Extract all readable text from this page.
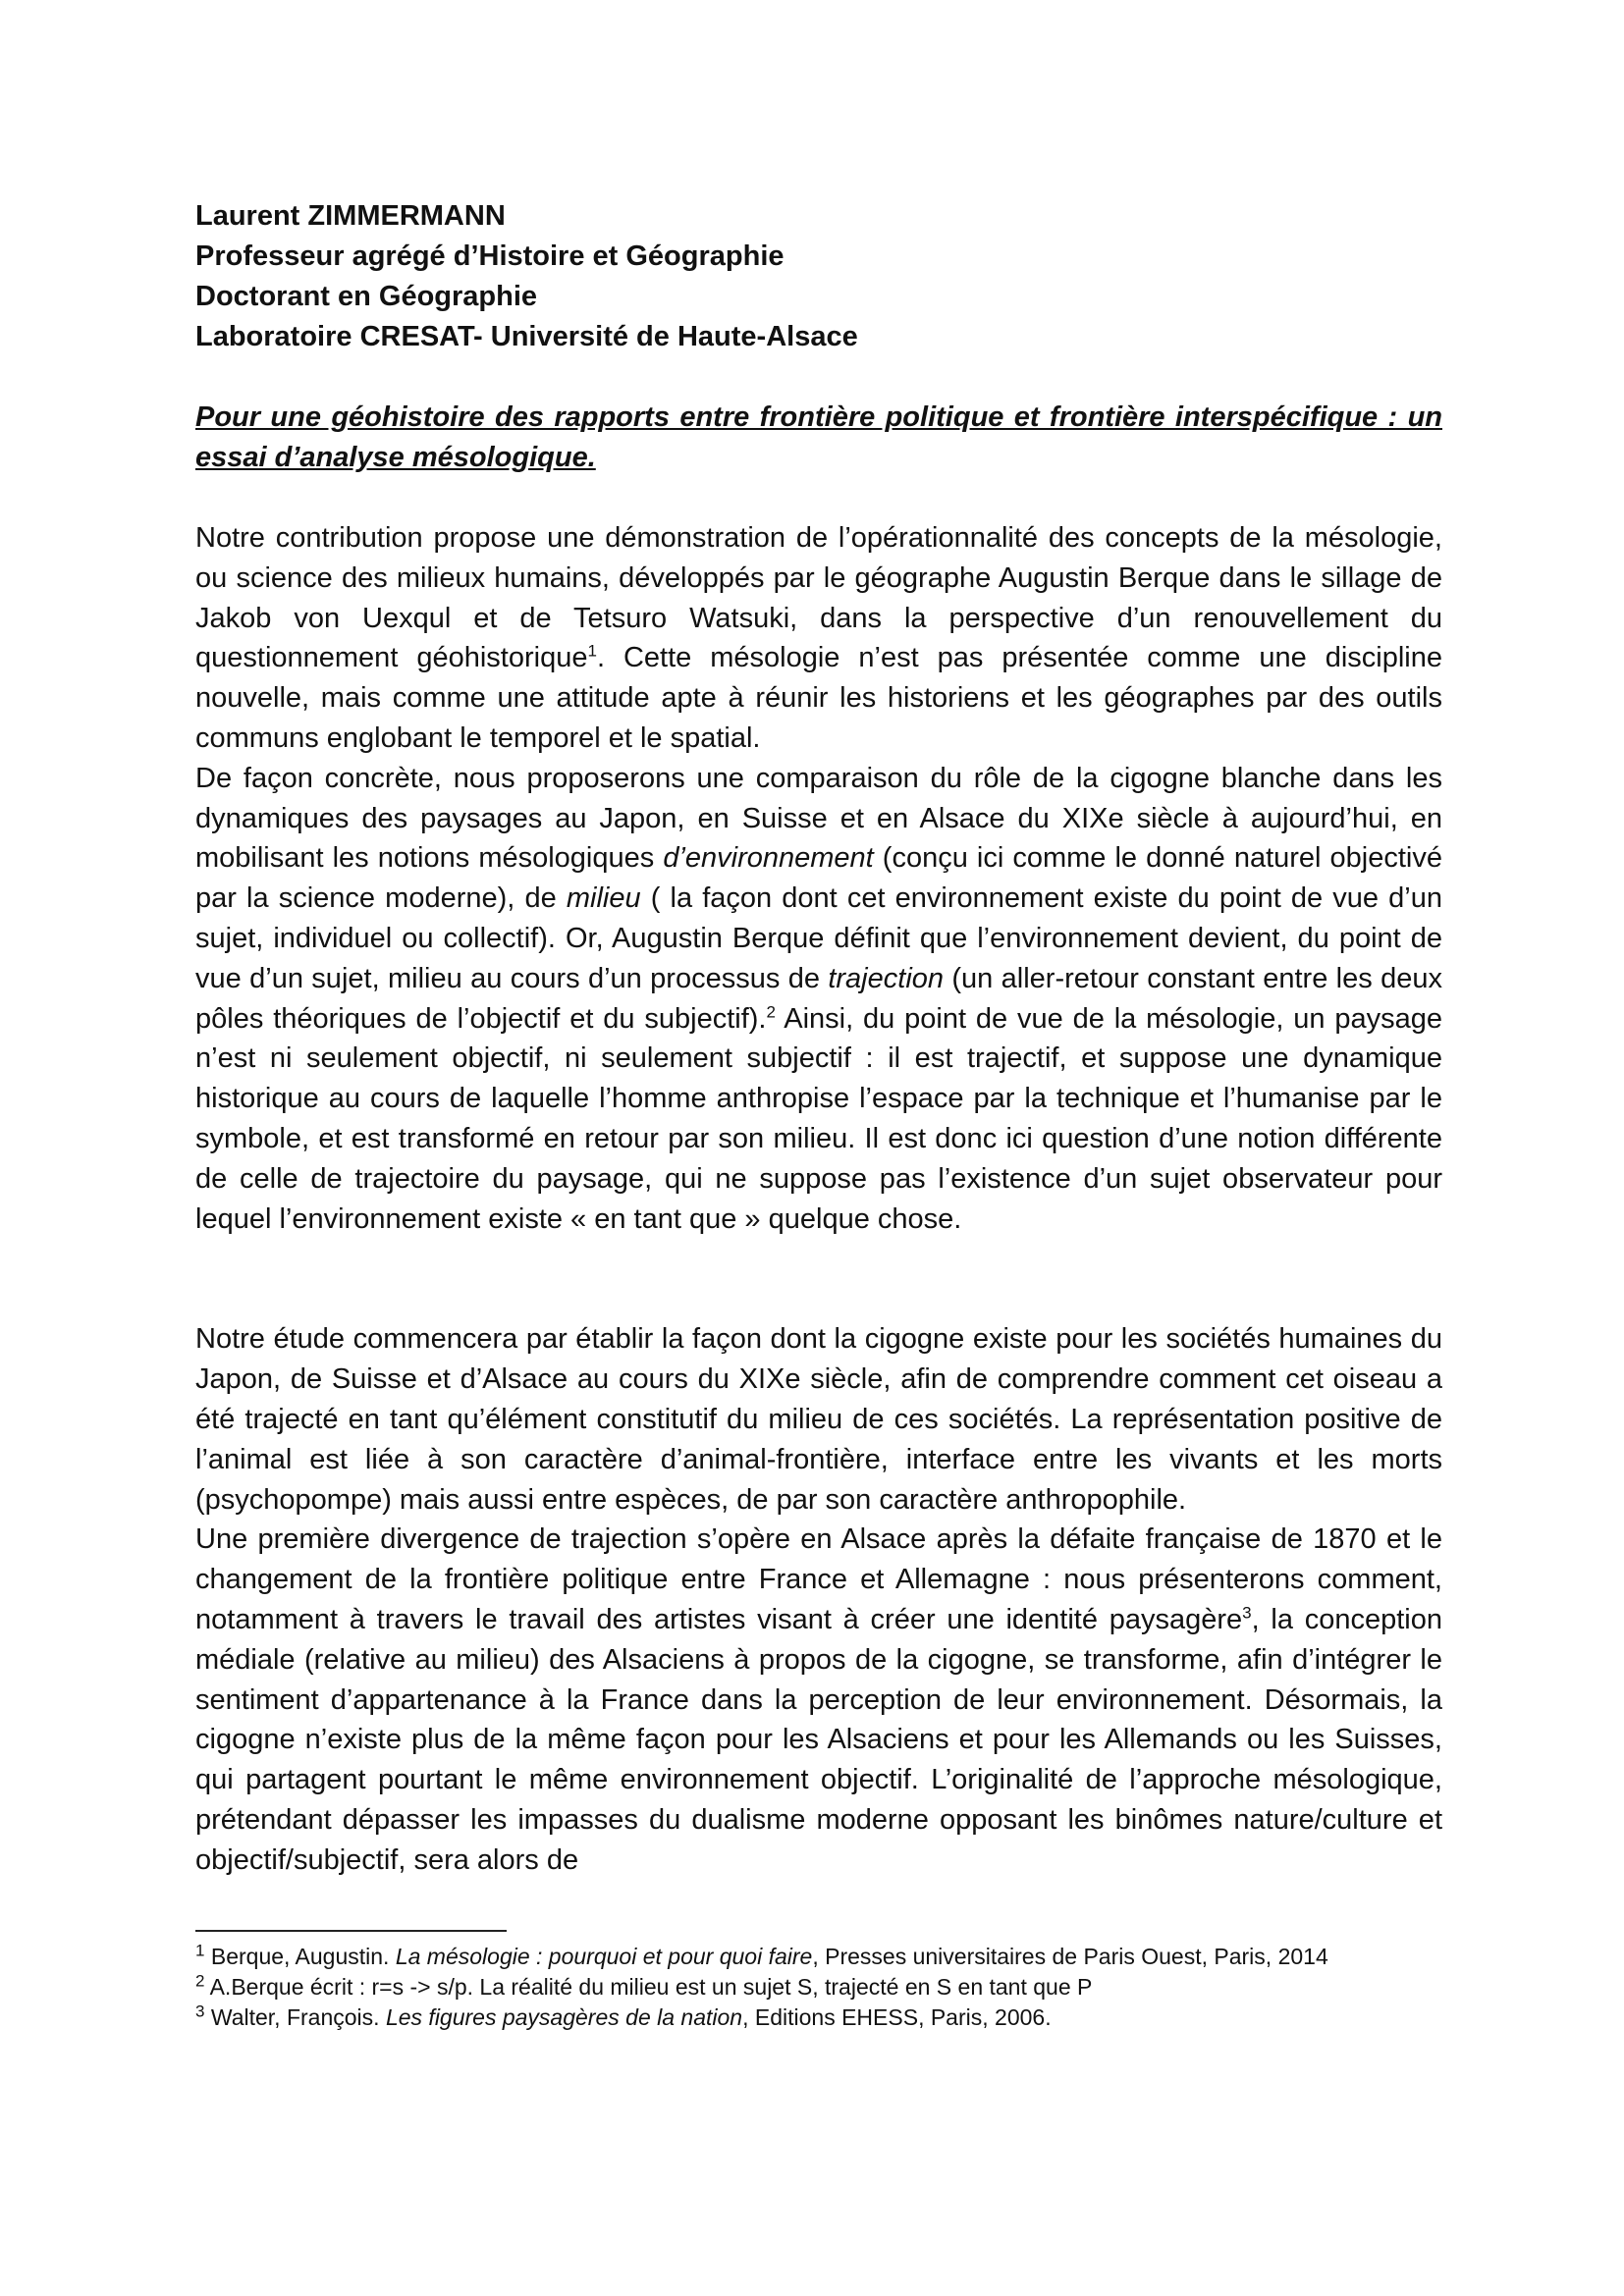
Laurent ZIMMERMANN
Professeur agrégé d’Histoire et Géographie
Doctorant en Géographie
Laboratoire CRESAT- Université de Haute-Alsace
Pour une géohistoire des rapports entre frontière politique et frontière interspécifique : un essai d’analyse mésologique.

Notre contribution propose une démonstration de l’opérationnalité des concepts de la mésologie, ou science des milieux humains, développés par le géographe Augustin Berque dans le sillage de Jakob von Uexqul et de Tetsuro Watsuki, dans la perspective d’un renouvellement du questionnement géohistorique$^1$. Cette mésologie n’est pas présentée comme une discipline nouvelle, mais comme une attitude apte à réunir les historiens et les géographes par des outils communs englobant le temporel et le spatial.

De façon concrète, nous proposerons une comparaison du rôle de la cigogne blanche dans les dynamiques des paysages au Japon, en Suisse et en Alsace du XIXe siècle à aujourd’hui, en mobilisant les notions mésologiques d’environnement (conçu ici comme le donné naturel objectivé par la science moderne), de milieu ( la façon dont cet environnement existe du point de vue d’un sujet, individuel ou collectif). Or, Augustin Berque définit que l’environnement devient, du point de vue d’un sujet, milieu au cours d’un processus de trajection (un aller-retour constant entre les deux pôles théoriques de l’objectif et du subjectif).$^2$ Ainsi, du point de vue de la mésologie, un paysage n’est ni seulement objectif, ni seulement subjectif : il est trajectif, et suppose une dynamique historique au cours de laquelle l’homme anthropise l’espace par la technique et l’humanise par le symbole, et est transformé en retour par son milieu. Il est donc ici question d’une notion différente de celle de trajectoire du paysage, qui ne suppose pas l’existence d’un sujet observateur pour lequel l’environnement existe « en tant que » quelque chose.

Notre étude commencera par établir la façon dont la cigogne existe pour les sociétés humaines du Japon, de Suisse et d’Alsace au cours du XIXe siècle, afin de comprendre comment cet oiseau a été trajecté en tant qu’élément constitutif du milieu de ces sociétés. La représentation positive de l’animal est liée à son caractère d’animal-frontière, interface entre les vivants et les morts (psychopompe) mais aussi entre espèces, de par son caractère anthropophile.

Une première divergence de trajection s’opère en Alsace après la défaite française de 1870 et le changement de la frontière politique entre France et Allemagne : nous présenterons comment, notamment à travers le travail des artistes visant à créer une identité paysagère$^3$, la conception médiale (relative au milieu) des Alsaciens à propos de la cigogne, se transforme, afin d’intégrer le sentiment d’appartenance à la France dans la perception de leur environnement. Désormais, la cigogne n’existe plus de la même façon pour les Alsaciens et pour les Allemands ou les Suisses, qui partagent pourtant le même environnement objectif. L’originalité de l’approche mésologique, prétendant dépasser les impasses du dualisme moderne opposant les binômes nature/culture et objectif/subjectif, sera alors de

$^1$ Berque, Augustin. La mésologie : pourquoi et pour quoi faire, Presses universitaires de Paris Ouest, Paris, 2014

$^2$ A.Berque écrit : r=s -> s/p. La réalité du milieu est un sujet S, trajecté en S en tant que P

$^3$ Walter, François. Les figures paysagères de la nation, Editions EHESS, Paris, 2006.
